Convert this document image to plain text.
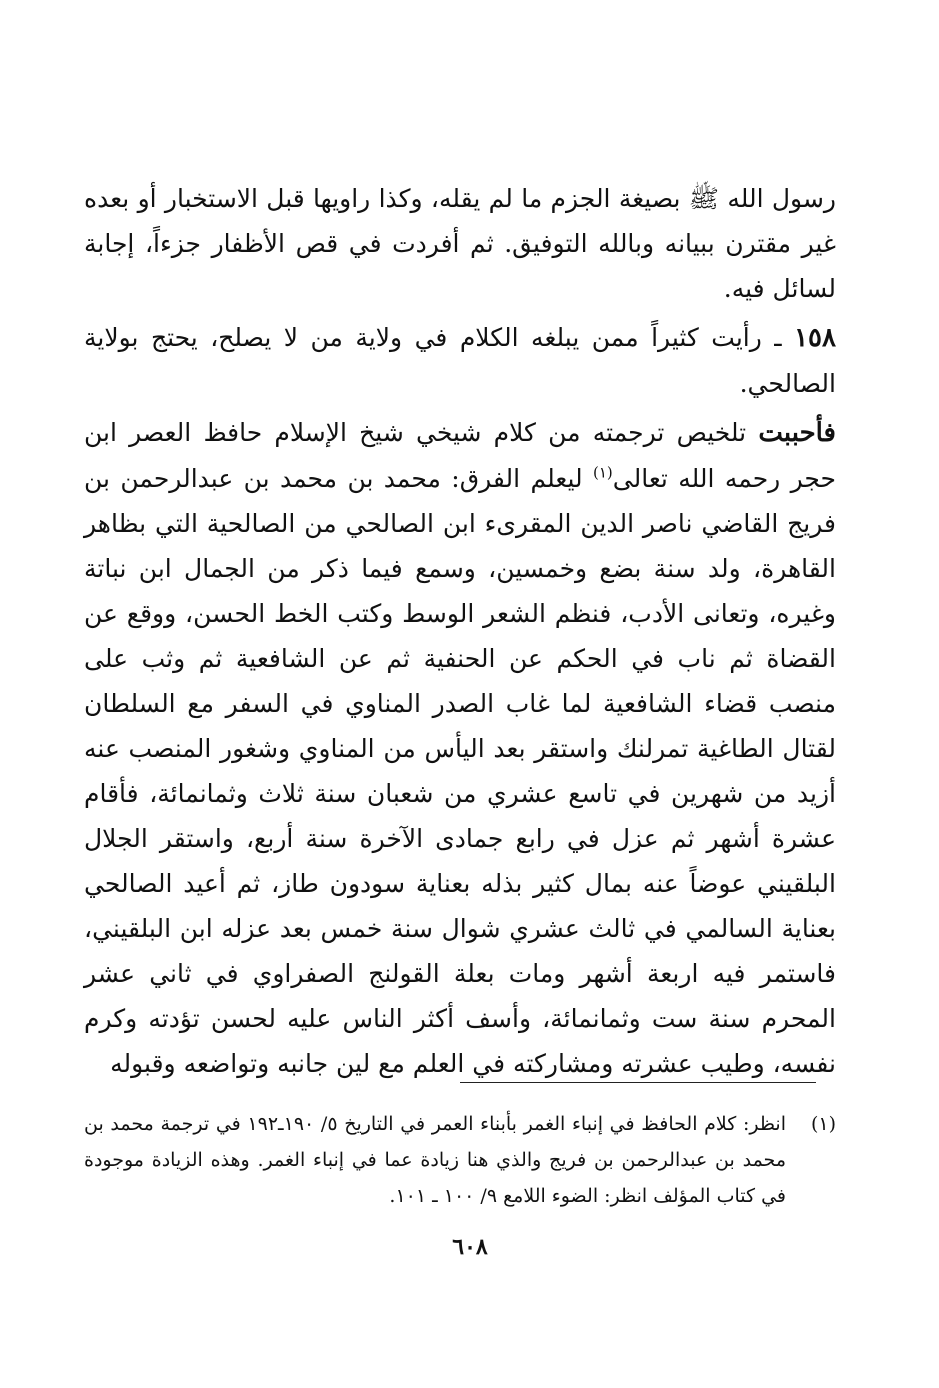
رسول الله ﷺ بصيغة الجزم ما لم يقله، وكذا راويها قبل الاستخبار أو بعده غير مقترن ببيانه وبالله التوفيق. ثم أفردت في قص الأظفار جزءاً، إجابة لسائل فيه.

١٥٨ ـ رأيت كثيراً ممن يبلغه الكلام في ولاية من لا يصلح، يحتج بولاية الصالحي.

فأحببت تلخيص ترجمته من كلام شيخي شيخ الإسلام حافظ العصر ابن حجر رحمه الله تعالى$^{(١)}$ ليعلم الفرق: محمد بن محمد بن عبدالرحمن بن فريج القاضي ناصر الدين المقرىء ابن الصالحي من الصالحية التي بظاهر القاهرة، ولد سنة بضع وخمسين، وسمع فيما ذكر من الجمال ابن نباتة وغيره، وتعانى الأدب، فنظم الشعر الوسط وكتب الخط الحسن، ووقع عن القضاة ثم ناب في الحكم عن الحنفية ثم عن الشافعية ثم وثب على منصب قضاء الشافعية لما غاب الصدر المناوي في السفر مع السلطان لقتال الطاغية تمرلنك واستقر بعد اليأس من المناوي وشغور المنصب عنه أزيد من شهرين في تاسع عشري من شعبان سنة ثلاث وثمانمائة، فأقام عشرة أشهر ثم عزل في رابع جمادى الآخرة سنة أربع، واستقر الجلال البلقيني عوضاً عنه بمال كثير بذله بعناية سودون طاز، ثم أعيد الصالحي بعناية السالمي في ثالث عشري شوال سنة خمس بعد عزله ابن البلقيني، فاستمر فيه اربعة أشهر ومات بعلة القولنج الصفراوي في ثاني عشر المحرم سنة ست وثمانمائة، وأسف أكثر الناس عليه لحسن تؤدته وكرم نفسه، وطيب عشرته ومشاركته في العلم مع لين جانبه وتواضعه وقبوله

(١)
انظر: كلام الحافظ في إنباء الغمر بأبناء العمر في التاريخ ٥/ ١٩٠ـ١٩٢ في ترجمة محمد بن محمد بن عبدالرحمن بن فريج والذي هنا زيادة عما في إنباء الغمر. وهذه الزيادة موجودة في كتاب المؤلف انظر: الضوء اللامع ٩/ ١٠٠ ـ ١٠١.
٦٠٨
